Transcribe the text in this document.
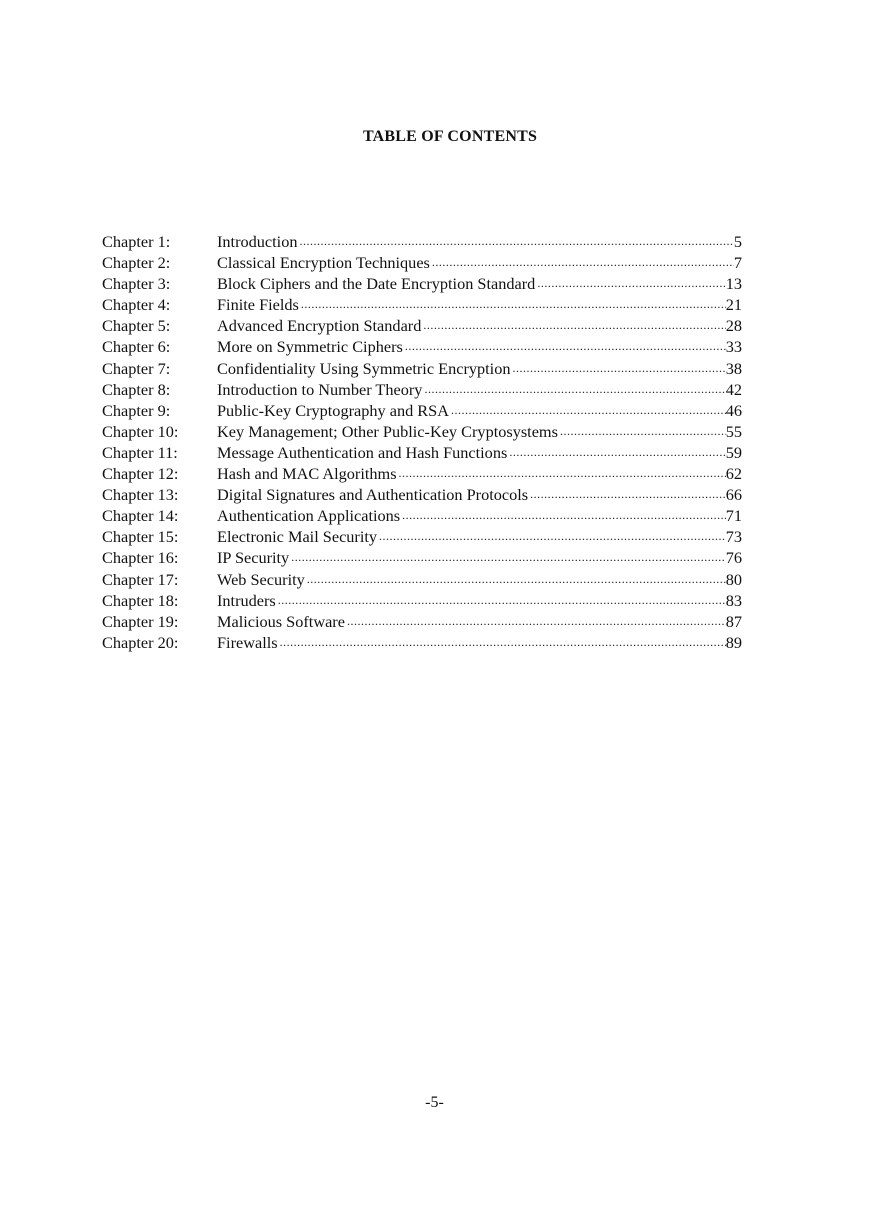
TABLE OF CONTENTS
Chapter 1:	Introduction .....	5
Chapter 2:	Classical Encryption Techniques .....	7
Chapter 3:	Block Ciphers and the Date Encryption Standard .....	13
Chapter 4:	Finite Fields .....	21
Chapter 5:	Advanced Encryption Standard .....	28
Chapter 6:	More on Symmetric Ciphers .....	33
Chapter 7:	Confidentiality Using Symmetric Encryption .....	38
Chapter 8:	Introduction to Number Theory .....	42
Chapter 9:	Public-Key Cryptography and RSA .....	46
Chapter 10:	Key Management; Other Public-Key Cryptosystems .....	55
Chapter 11:	Message Authentication and Hash Functions .....	59
Chapter 12:	Hash and MAC Algorithms .....	62
Chapter 13:	Digital Signatures and Authentication Protocols .....	66
Chapter 14:	Authentication Applications .....	71
Chapter 15:	Electronic Mail Security .....	73
Chapter 16:	IP Security .....	76
Chapter 17:	Web Security .....	80
Chapter 18:	Intruders .....	83
Chapter 19:	Malicious Software .....	87
Chapter 20:	Firewalls .....	89
-5-
